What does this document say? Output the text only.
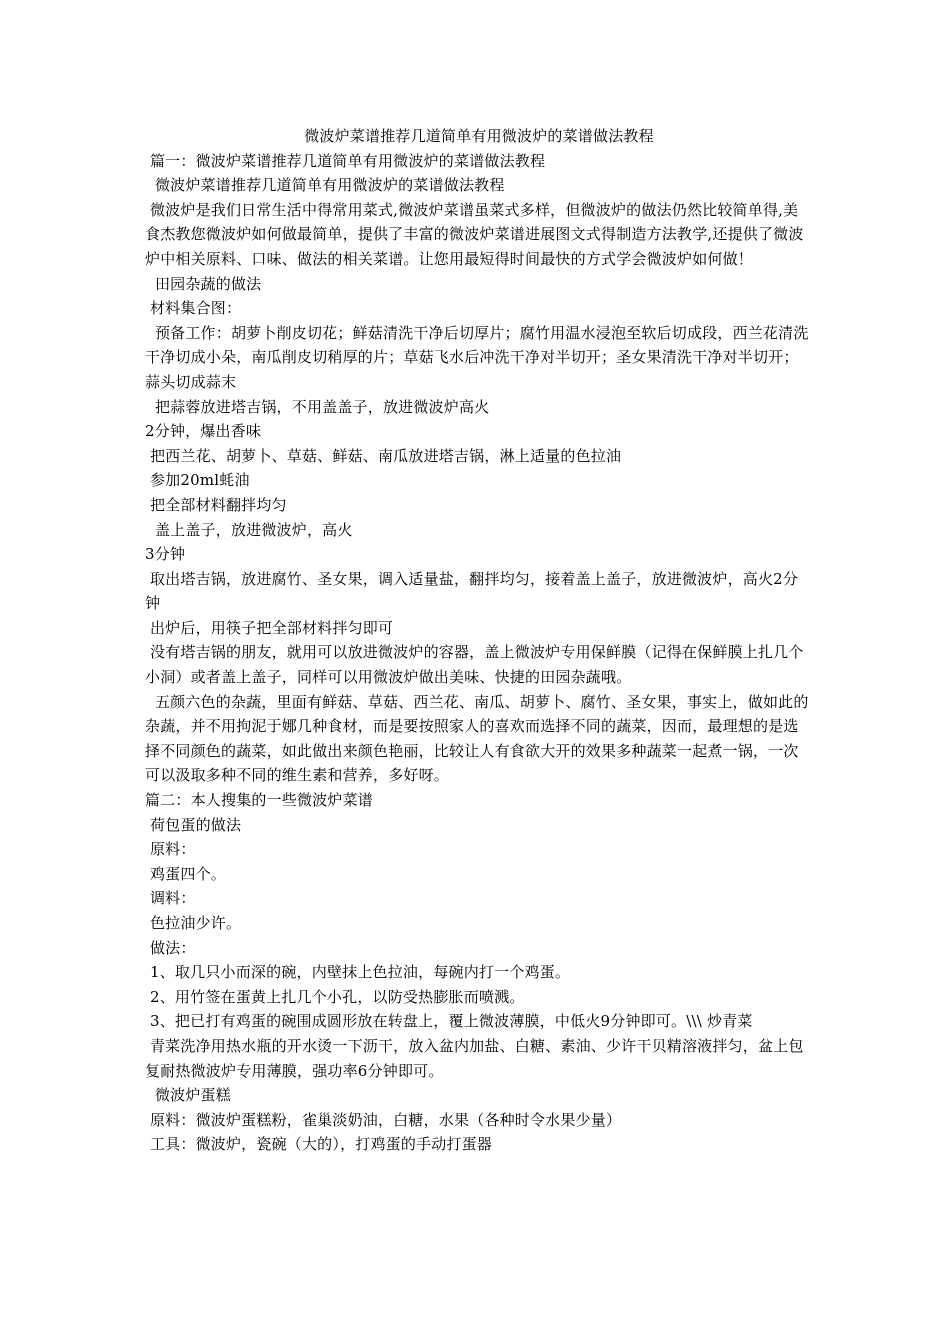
微波炉菜谱推荐几道简单有用微波炉的菜谱做法教程
篇一：微波炉菜谱推荐几道简单有用微波炉的菜谱做法教程
微波炉菜谱推荐几道简单有用微波炉的菜谱做法教程
微波炉是我们日常生活中得常用菜式,微波炉菜谱虽菜式多样，但微波炉的做法仍然比较简单得,美食杰教您微波炉如何做最简单，提供了丰富的微波炉菜谱进展图文式得制造方法教学,还提供了微波炉中相关原料、口味、做法的相关菜谱。让您用最短得时间最快的方式学会微波炉如何做！
田园杂蔬的做法
材料集合图：
预备工作：胡萝卜削皮切花；鲜菇清洗干净后切厚片；腐竹用温水浸泡至软后切成段，西兰花清洗干净切成小朵，南瓜削皮切稍厚的片；草菇飞水后冲洗干净对半切开；圣女果清洗干净对半切开；蒜头切成蒜末
把蒜蓉放进塔吉锅，不用盖盖子，放进微波炉高火
2分钟，爆出香味
把西兰花、胡萝卜、草菇、鲜菇、南瓜放进塔吉锅，淋上适量的色拉油
参加20ml蚝油
把全部材料翻拌均匀
盖上盖子，放进微波炉，高火
3分钟
取出塔吉锅，放进腐竹、圣女果，调入适量盐，翻拌均匀，接着盖上盖子，放进微波炉，高火2分钟
出炉后，用筷子把全部材料拌匀即可
没有塔吉锅的朋友，就用可以放进微波炉的容器，盖上微波炉专用保鲜膜（记得在保鲜膜上扎几个小洞）或者盖上盖子，同样可以用微波炉做出美味、快捷的田园杂蔬哦。
五颜六色的杂蔬，里面有鲜菇、草菇、西兰花、南瓜、胡萝卜、腐竹、圣女果，事实上，做如此的杂蔬，并不用拘泥于娜几种食材，而是要按照家人的喜欢而选择不同的蔬菜，因而，最理想的是选择不同颜色的蔬菜，如此做出来颜色艳丽，比较让人有食欲大开的效果多种蔬菜一起煮一锅，一次可以汲取多种不同的维生素和营养，多好呀。
篇二：本人搜集的一些微波炉菜谱
荷包蛋的做法
原料：
鸡蛋四个。
调料：
色拉油少许。
做法：
1、取几只小而深的碗，内壁抹上色拉油，每碗内打一个鸡蛋。
2、用竹签在蛋黄上扎几个小孔，以防受热膨胀而喷溅。
3、把已打有鸡蛋的碗围成圆形放在转盘上，覆上微波薄膜，中低火9分钟即可。\\\ 炒青菜
青菜洗净用热水瓶的开水烫一下沥干，放入盆内加盐、白糖、素油、少许干贝精溶液拌匀，盆上包复耐热微波炉专用薄膜，强功率6分钟即可。
微波炉蛋糕
原料：微波炉蛋糕粉，雀巢淡奶油，白糖，水果（各种时令水果少量）
工具：微波炉，瓷碗（大的），打鸡蛋的手动打蛋器
